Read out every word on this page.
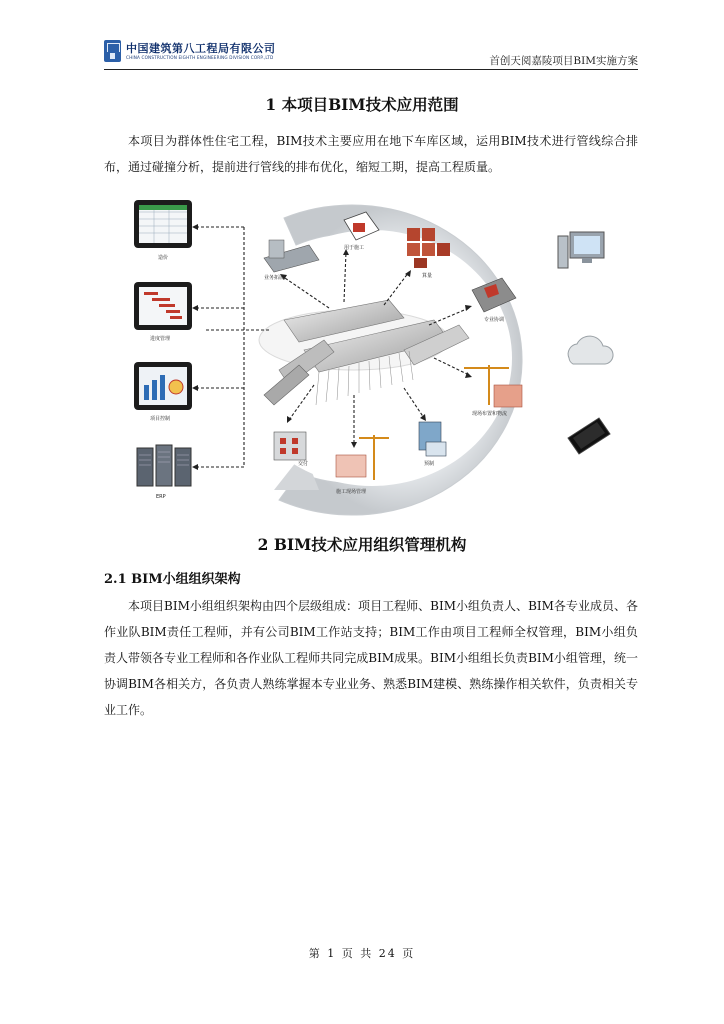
中国建筑第八工程局有限公司
CHINA CONSTRUCTION EIGHTH ENGINEERING DIVISION CORP.,LTD	首创天阅嘉陵项目BIM实施方案
1 本项目BIM技术应用范围

本项目为群体性住宅工程，BIM技术主要应用在地下车库区域，运用BIM技术进行管线综合排布，通过碰撞分析，提前进行管线的排布优化，缩短工期，提高工程质量。

造价
进度管理
项目控制
ERP
业务拓展
用于施工
算量
专业协调
现场布置和物流
预制
施工现场管理
交付
2 BIM技术应用组织管理机构
2.1 BIM小组组织架构

本项目BIM小组组织架构由四个层级组成：项目工程师、BIM小组负责人、BIM各专业成员、各作业队BIM责任工程师，并有公司BIM工作站支持；BIM工作由项目工程师全权管理，BIM小组负责人带领各专业工程师和各作业队工程师共同完成BIM成果。BIM小组组长负责BIM小组管理，统一协调BIM各相关方，各负责人熟练掌握本专业业务、熟悉BIM建模、熟练操作相关软件，负责相关专业工作。

第 1 页 共 24 页
